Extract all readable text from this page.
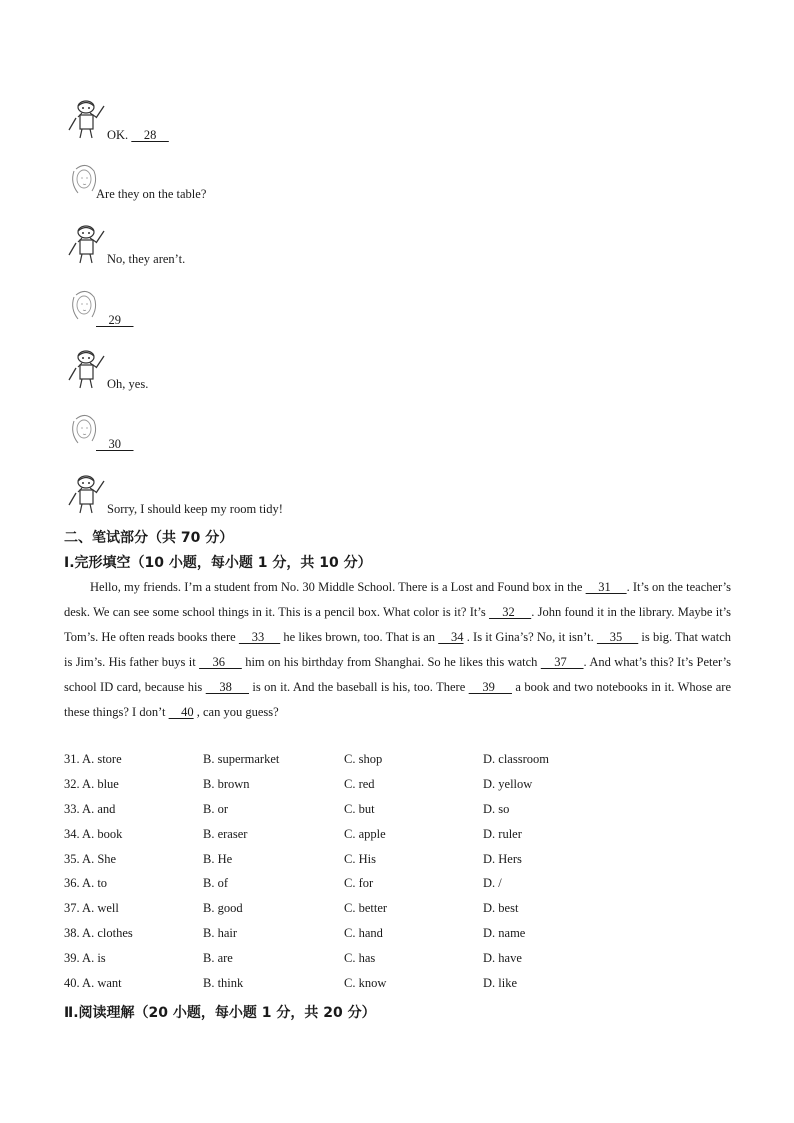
OK.     28
Are they on the table?
No, they aren’t.
29
Oh, yes.
30
Sorry, I should keep my room tidy!
二、笔试部分（共 70 分）
Ⅰ.完形填空（10 小题，每小题 1 分，共 10 分）

Hello, my friends. I’m a student from No. 30 Middle School. There is a Lost and Found box in the     31     . It’s on the teacher’s desk. We can see some school things in it. This is a pencil box. What color is it? It’s     32     . John found it in the library. Maybe it’s Tom’s. He often reads books there     33      he likes brown, too. That is an     34 . Is it Gina’s? No, it isn’t.     35      is big. That watch is Jim’s. His father buys it     36      him on his birthday from Shanghai. So he likes this watch     37     . And what’s this? It’s Peter’s school ID card, because his     38      is on it. And the baseball is his, too. There     39      a book and two notebooks in it. Whose are these things? I don’t     40 , can you guess?

31. A. store	B. supermarket	C. shop	D. classroom
32. A. blue	B. brown	C. red	D. yellow
33. A. and	B. or	C. but	D. so
34. A. book	B. eraser	C. apple	D. ruler
35. A. She	B. He	C. His	D. Hers
36. A. to	B. of	C. for	D. /
37. A. well	B. good	C. better	D. best
38. A. clothes	B. hair	C. hand	D. name
39. A. is	B. are	C. has	D. have
40. A. want	B. think	C. know	D. like
Ⅱ.阅读理解（20 小题，每小题 1 分，共 20 分）
